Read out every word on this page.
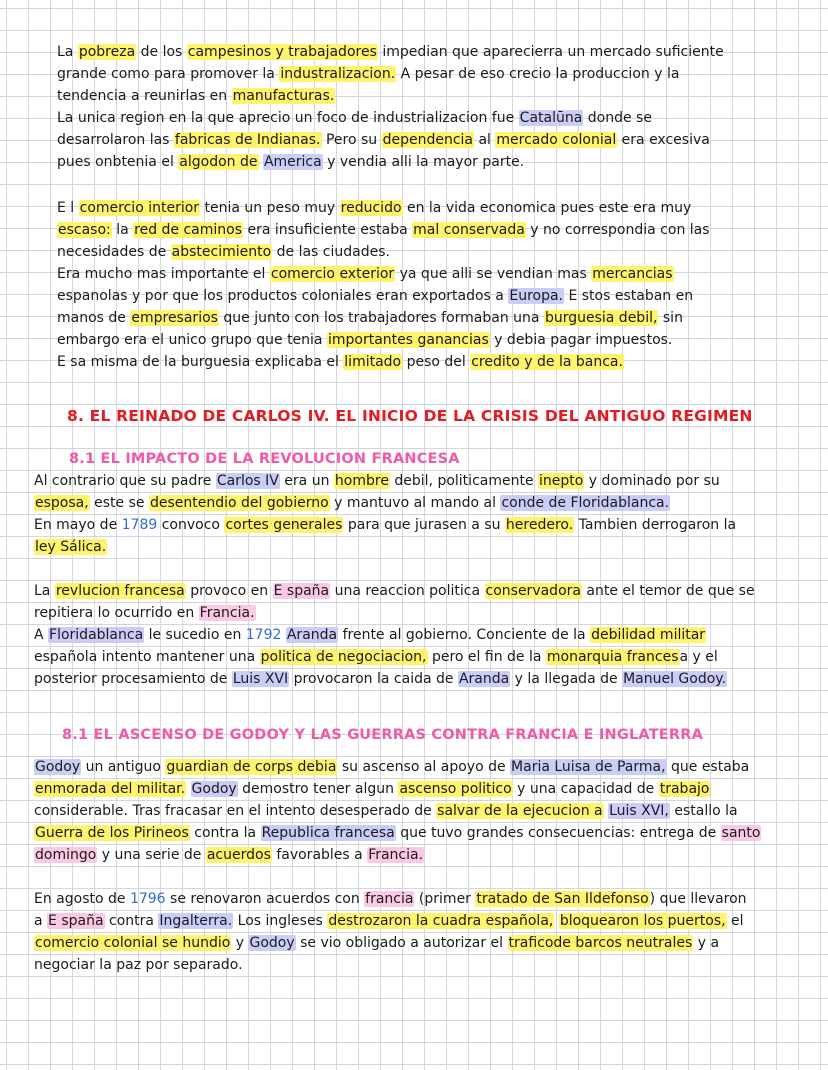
La pobreza de los campesinos y trabajadores impedian que aparecierra un mercado suficiente
grande como para promover la industralizacion. A pesar de eso crecio la produccion y la
tendencia a reunirlas en manufacturas.
La unica region en la que aprecio un foco de industrializacion fue Catalūna donde se
desarrolaron las fabricas de Indianas. Pero su dependencia al mercado colonial era excesiva
pues onbtenia el algodon de America y vendia alli la mayor parte.
E l comercio interior tenia un peso muy reducido en la vida economica pues este era muy
escaso: la red de caminos era insuficiente estaba mal conservada y no correspondia con las
necesidades de abstecimiento de las ciudades.
Era mucho mas importante el comercio exterior ya que alli se vendian mas mercancias
espanolas y por que los productos coloniales eran exportados a Europa. E stos estaban en
manos de empresarios que junto con los trabajadores formaban una burguesia debil, sin
embargo era el unico grupo que tenia importantes ganancias y debia pagar impuestos.
E sa misma de la burguesia explicaba el limitado peso del credito y de la banca.
8. EL REINADO DE CARLOS IV. EL INICIO DE LA CRISIS DEL ANTIGUO REGIMEN
8.1 EL IMPACTO DE LA REVOLUCION FRANCESA
Al contrario que su padre Carlos IV era un hombre debil, politicamente inepto y dominado por su
esposa, este se desentendio del gobierno y mantuvo al mando al conde de Floridablanca.
En mayo de 1789 convoco cortes generales para que jurasen a su heredero. Tambien derrogaron la
ley Sálica.
La revlucion francesa provoco en E spaña una reaccion politica conservadora ante el temor de que se
repitiera lo ocurrido en Francia.
A Floridablanca le sucedio en 1792 Aranda frente al gobierno. Conciente de la debilidad militar
española intento mantener una politica de negociacion, pero el fin de la monarquia francesa y el
posterior procesamiento de Luis XVI provocaron la caida de Aranda y la llegada de Manuel Godoy.
8.1 EL ASCENSO DE GODOY Y LAS GUERRAS CONTRA FRANCIA E INGLATERRA
Godoy un antiguo guardian de corps debia su ascenso al apoyo de Maria Luisa de Parma, que estaba
enmorada del militar. Godoy demostro tener algun ascenso politico y una capacidad de trabajo
considerable. Tras fracasar en el intento desesperado de salvar de la ejecucion a Luis XVI, estallo la
Guerra de los Pirineos contra la Republica francesa que tuvo grandes consecuencias: entrega de santo
domingo y una serie de acuerdos favorables a Francia.
En agosto de 1796 se renovaron acuerdos con francia (primer tratado de San Ildefonso) que llevaron
a E spaña contra Ingalterra. Los ingleses destrozaron la cuadra española, bloquearon los puertos, el
comercio colonial se hundio y Godoy se vio obligado a autorizar el traficode barcos neutrales y a
negociar la paz por separado.
